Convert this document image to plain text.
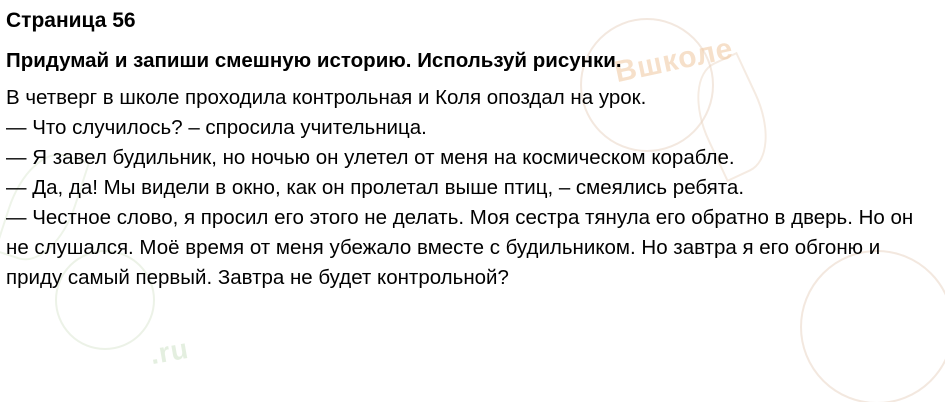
Вшколе
.ru
Страница 56

Придумай и запиши смешную историю. Используй рисунки.

В четверг в школе проходила контрольная и Коля опоздал на урок.

— Что случилось? – спросила учительница.

— Я завел будильник, но ночью он улетел от меня на космическом корабле.

— Да, да! Мы видели в окно, как он пролетал выше птиц, – смеялись ребята.

— Честное слово, я просил его этого не делать. Моя сестра тянула его обратно в дверь. Но он не слушался. Моё время от меня убежало вместе с будильником. Но завтра я его обгоню и приду самый первый. Завтра не будет контрольной?
